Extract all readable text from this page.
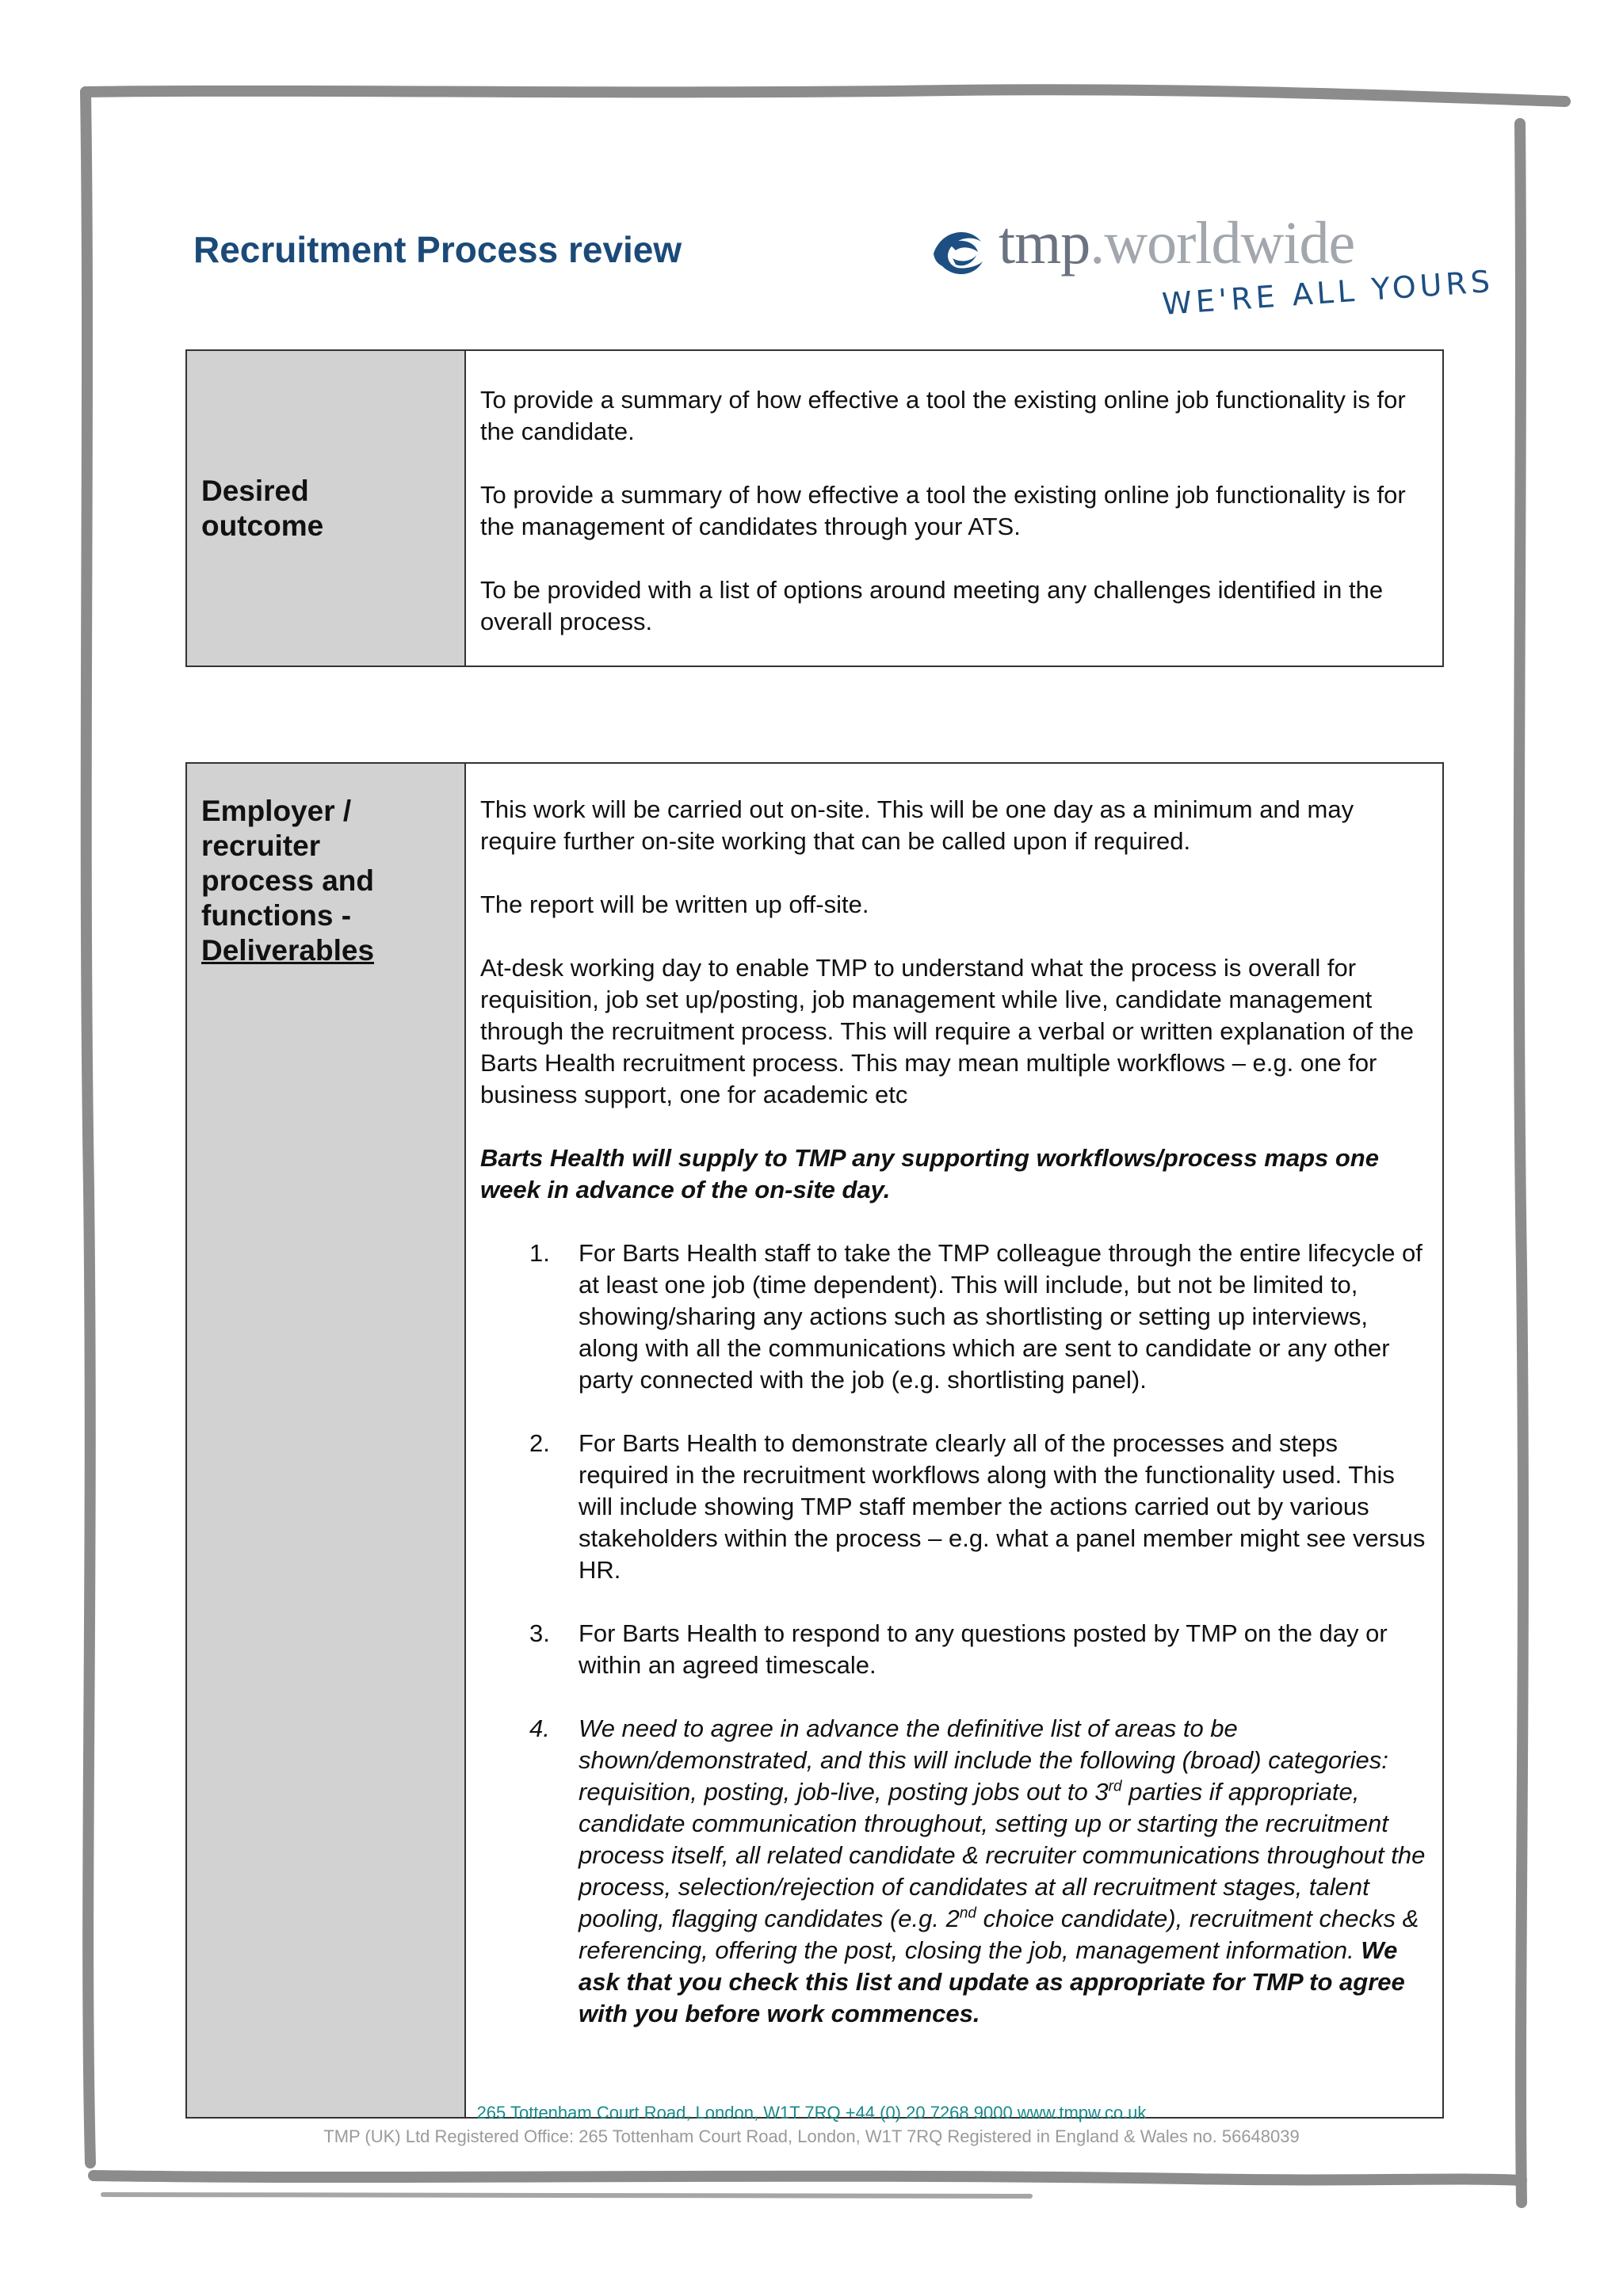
Recruitment Process review	tmp.worldwide
WE'RE ALL YOURS
Desired outcome

To provide a summary of how effective a tool the existing online job functionality is for the candidate.

To provide a summary of how effective a tool the existing online job functionality is for the management of candidates through your ATS.

To be provided with a list of options around meeting any challenges identified in the overall process.

Employer /
recruiter
process and
functions -
Deliverables

This work will be carried out on-site. This will be one day as a minimum and may require further on-site working that can be called upon if required.

The report will be written up off-site.

At-desk working day to enable TMP to understand what the process is overall for requisition, job set up/posting, job management while live, candidate management through the recruitment process. This will require a verbal or written explanation of the Barts Health recruitment process. This may mean multiple workflows – e.g. one for business support, one for academic etc

Barts Health will supply to TMP any supporting workflows/process maps one week in advance of the on-site day.

1. For Barts Health staff to take the TMP colleague through the entire lifecycle of at least one job (time dependent). This will include, but not be limited to, showing/sharing any actions such as shortlisting or setting up interviews, along with all the communications which are sent to candidate or any other party connected with the job (e.g. shortlisting panel).
2. For Barts Health to demonstrate clearly all of the processes and steps required in the recruitment workflows along with the functionality used. This will include showing TMP staff member the actions carried out by various stakeholders within the process – e.g. what a panel member might see versus HR.
3. For Barts Health to respond to any questions posted by TMP on the day or within an agreed timescale.
4. We need to agree in advance the definitive list of areas to be shown/demonstrated, and this will include the following (broad) categories: requisition, posting, job-live, posting jobs out to 3rd parties if appropriate, candidate communication throughout, setting up or starting the recruitment process itself, all related candidate & recruiter communications throughout the process, selection/rejection of candidates at all recruitment stages, talent pooling, flagging candidates (e.g. 2nd choice candidate), recruitment checks & referencing, offering the post, closing the job, management information. We ask that you check this list and update as appropriate for TMP to agree with you before work commences.
265 Tottenham Court Road, London, W1T 7RQ +44 (0) 20 7268 9000 www.tmpw.co.uk
TMP (UK) Ltd Registered Office: 265 Tottenham Court Road, London, W1T 7RQ Registered in England & Wales no. 56648039
